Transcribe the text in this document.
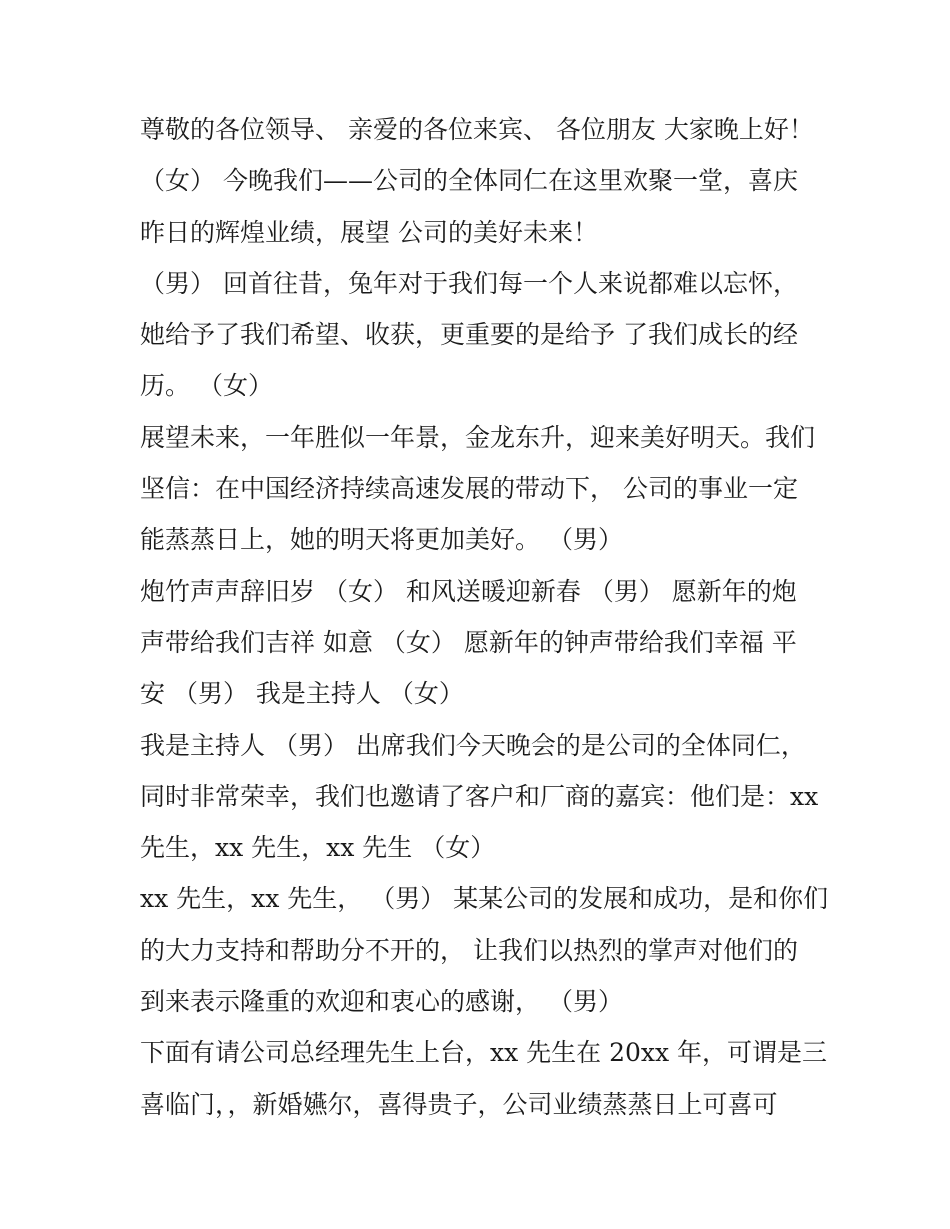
尊敬的各位领导、 亲爱的各位来宾、 各位朋友 大家晚上好！
（女） 今晚我们——公司的全体同仁在这里欢聚一堂，喜庆
昨日的辉煌业绩，展望 公司的美好未来！
（男） 回首往昔，兔年对于我们每一个人来说都难以忘怀，
她给予了我们希望、收获，更重要的是给予 了我们成长的经
历。 （女）
展望未来，一年胜似一年景，金龙东升，迎来美好明天。我们
坚信：在中国经济持续高速发展的带动下， 公司的事业一定
能蒸蒸日上，她的明天将更加美好。 （男）
炮竹声声辞旧岁 （女） 和风送暖迎新春 （男） 愿新年的炮
声带给我们吉祥 如意 （女） 愿新年的钟声带给我们幸福 平
安 （男） 我是主持人 （女）
我是主持人 （男） 出席我们今天晚会的是公司的全体同仁，
同时非常荣幸，我们也邀请了客户和厂商的嘉宾：他们是：xx
先生，xx 先生，xx 先生 （女）
xx 先生，xx 先生， （男） 某某公司的发展和成功，是和你们
的大力支持和帮助分不开的， 让我们以热烈的掌声对他们的
到来表示隆重的欢迎和衷心的感谢， （男）
下面有请公司总经理先生上台，xx 先生在 20xx 年，可谓是三
喜临门，，新婚嬿尔，喜得贵子，公司业绩蒸蒸日上可喜可
